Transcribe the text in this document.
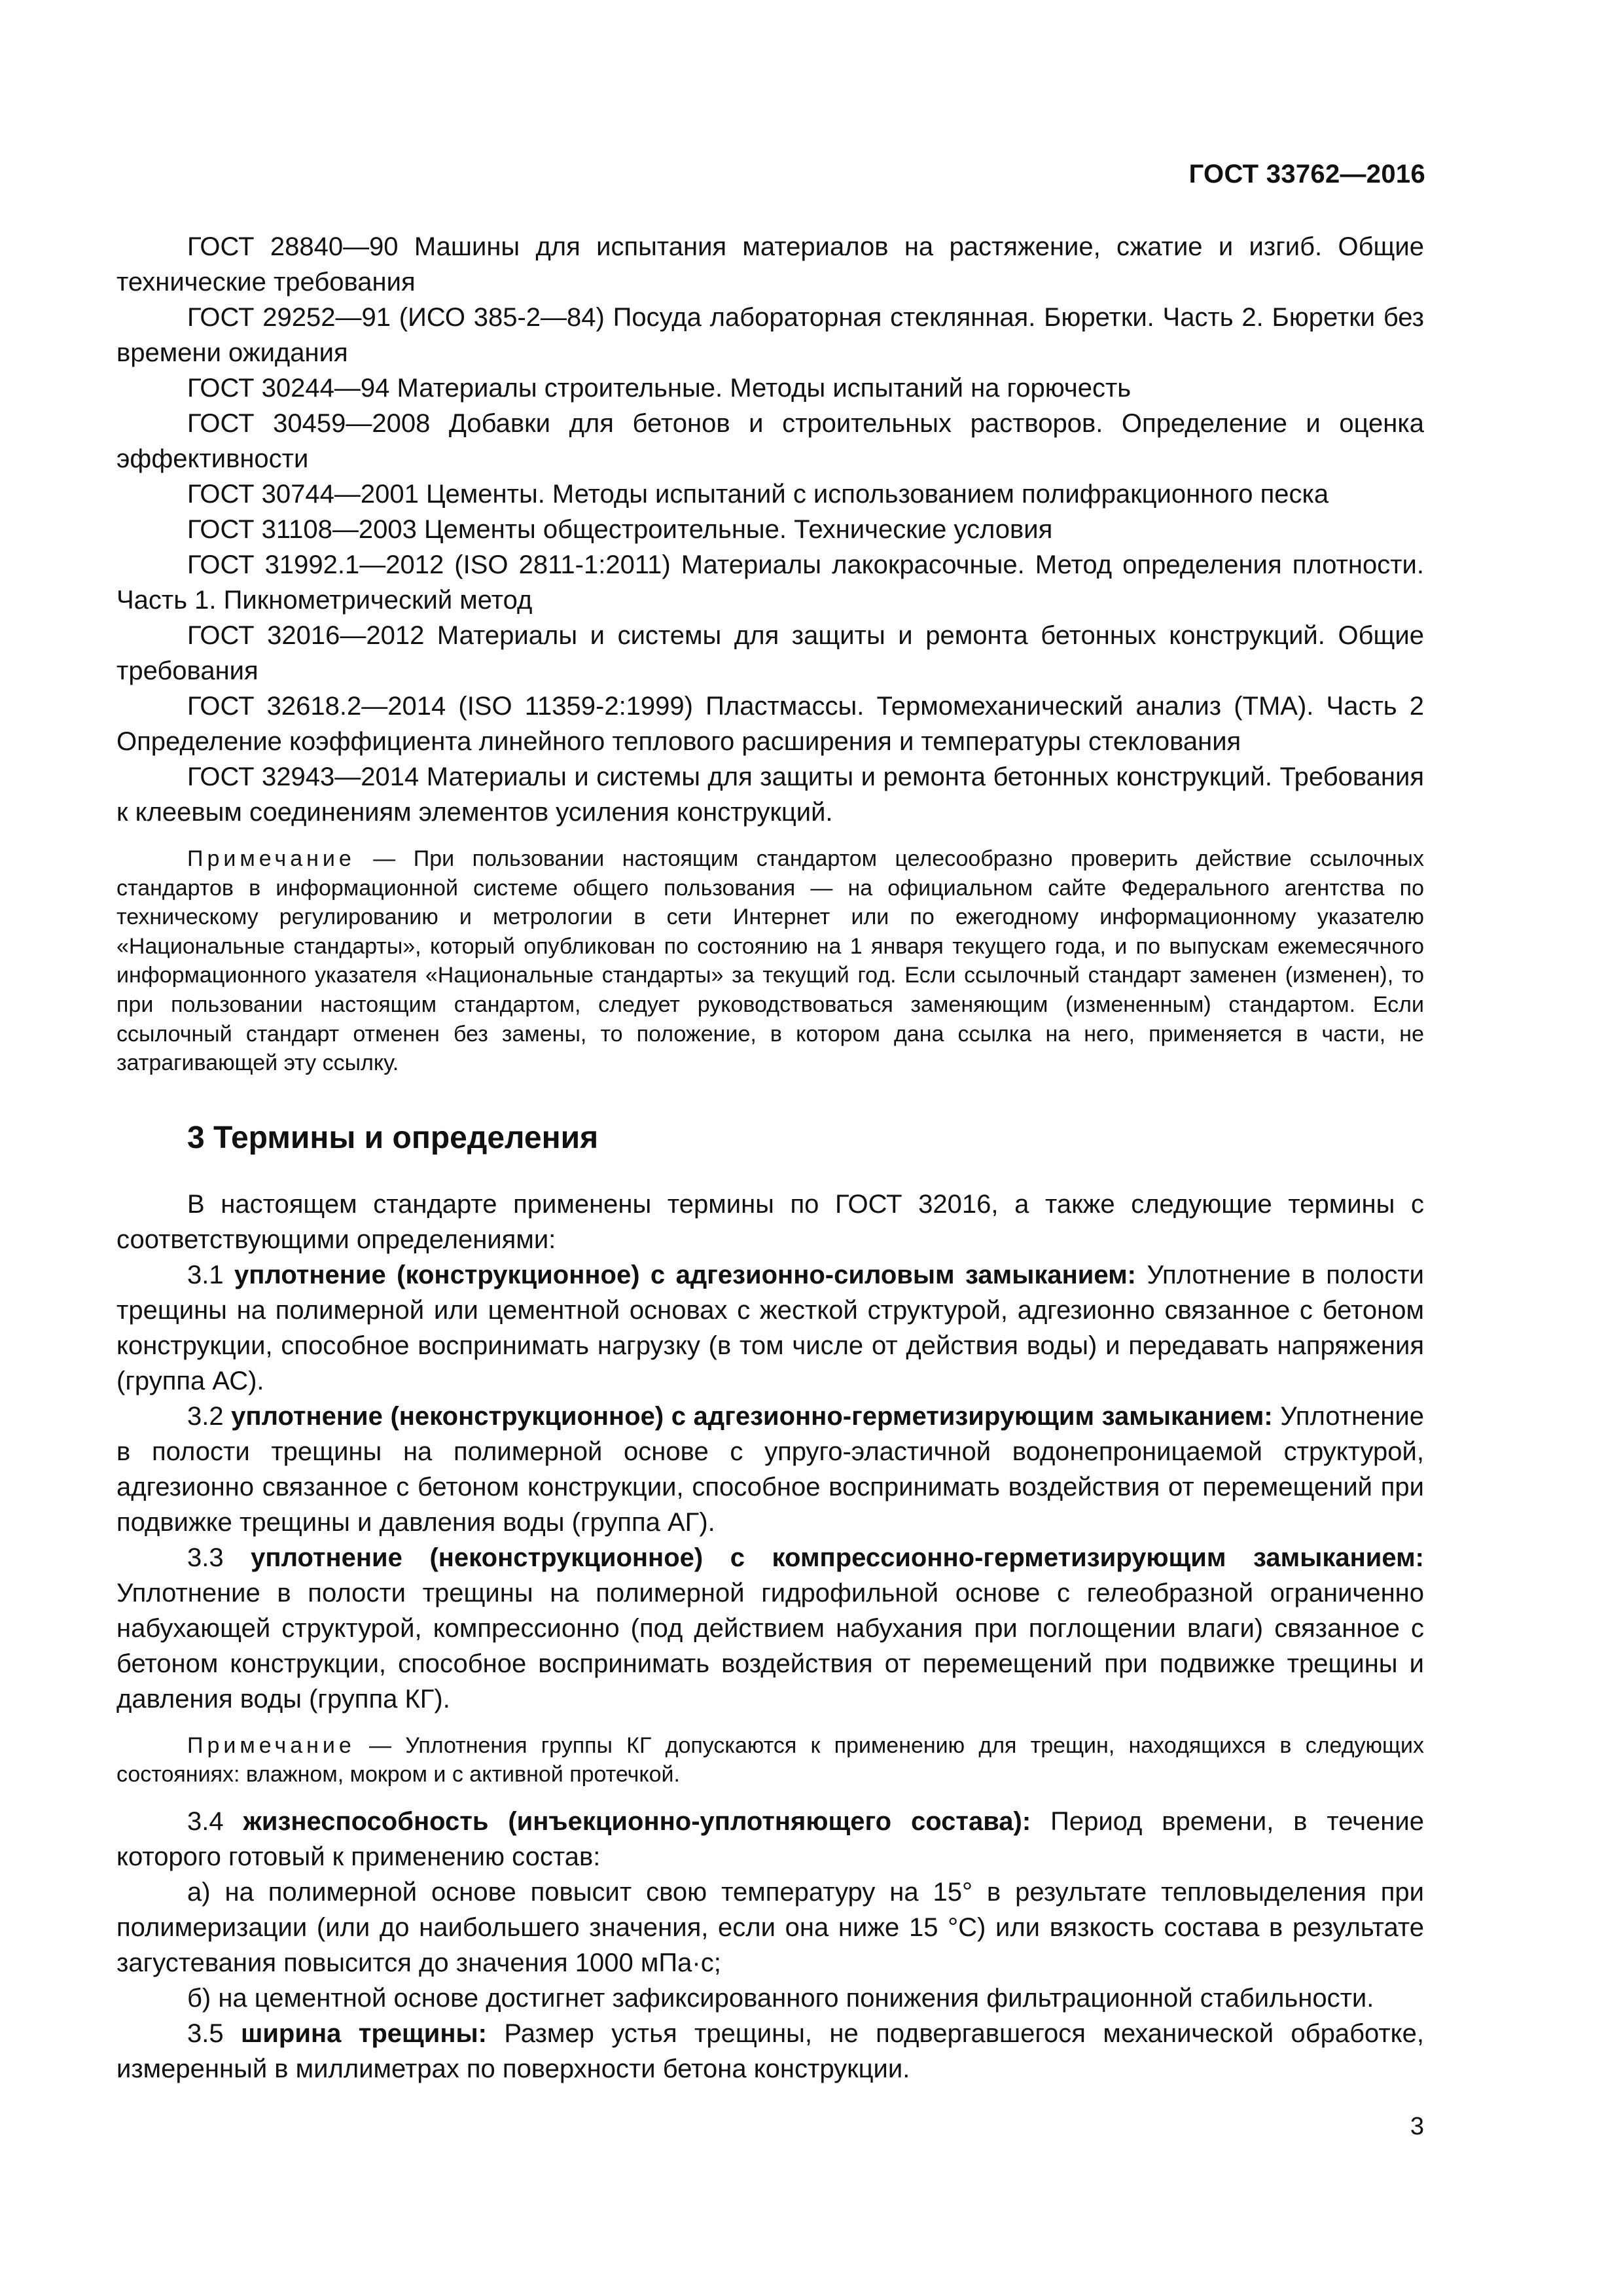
ГОСТ 33762—2016

ГОСТ 28840—90 Машины для испытания материалов на растяжение, сжатие и изгиб. Общие технические требования

ГОСТ 29252—91 (ИСО 385-2—84) Посуда лабораторная стеклянная. Бюретки. Часть 2. Бюретки без времени ожидания

ГОСТ 30244—94 Материалы строительные. Методы испытаний на горючесть

ГОСТ 30459—2008 Добавки для бетонов и строительных растворов. Определение и оценка эффективности

ГОСТ 30744—2001 Цементы. Методы испытаний с использованием полифракционного песка

ГОСТ 31108—2003 Цементы общестроительные. Технические условия

ГОСТ 31992.1—2012 (ISO 2811-1:2011) Материалы лакокрасочные. Метод определения плотности. Часть 1. Пикнометрический метод

ГОСТ 32016—2012 Материалы и системы для защиты и ремонта бетонных конструкций. Общие требования

ГОСТ 32618.2—2014 (ISO 11359-2:1999) Пластмассы. Термомеханический анализ (ТМА). Часть 2 Определение коэффициента линейного теплового расширения и температуры стеклования

ГОСТ 32943—2014 Материалы и системы для защиты и ремонта бетонных конструкций. Требования к клеевым соединениям элементов усиления конструкций.

Примечание — При пользовании настоящим стандартом целесообразно проверить действие ссылочных стандартов в информационной системе общего пользования — на официальном сайте Федерального агентства по техническому регулированию и метрологии в сети Интернет или по ежегодному информационному указателю «Национальные стандарты», который опубликован по состоянию на 1 января текущего года, и по выпускам ежемесячного информационного указателя «Национальные стандарты» за текущий год. Если ссылочный стандарт заменен (изменен), то при пользовании настоящим стандартом, следует руководствоваться заменяющим (измененным) стандартом. Если ссылочный стандарт отменен без замены, то положение, в котором дана ссылка на него, применяется в части, не затрагивающей эту ссылку.

3 Термины и определения

В настоящем стандарте применены термины по ГОСТ 32016, а также следующие термины с соответствующими определениями:

3.1 уплотнение (конструкционное) с адгезионно-силовым замыканием: Уплотнение в полости трещины на полимерной или цементной основах с жесткой структурой, адгезионно связанное с бетоном конструкции, способное воспринимать нагрузку (в том числе от действия воды) и передавать напряжения (группа АС).

3.2 уплотнение (неконструкционное) с адгезионно-герметизирующим замыканием: Уплотнение в полости трещины на полимерной основе с упруго-эластичной водонепроницаемой структурой, адгезионно связанное с бетоном конструкции, способное воспринимать воздействия от перемещений при подвижке трещины и давления воды (группа АГ).

3.3 уплотнение (неконструкционное) с компрессионно-герметизирующим замыканием: Уплотнение в полости трещины на полимерной гидрофильной основе с гелеобразной ограниченно набухающей структурой, компрессионно (под действием набухания при поглощении влаги) связанное с бетоном конструкции, способное воспринимать воздействия от перемещений при подвижке трещины и давления воды (группа КГ).

Примечание — Уплотнения группы КГ допускаются к применению для трещин, находящихся в следующих состояниях: влажном, мокром и с активной протечкой.

3.4 жизнеспособность (инъекционно-уплотняющего состава): Период времени, в течение которого готовый к применению состав:

а) на полимерной основе повысит свою температуру на 15° в результате тепловыделения при полимеризации (или до наибольшего значения, если она ниже 15 °С) или вязкость состава в результате загустевания повысится до значения 1000 мПа·с;

б) на цементной основе достигнет зафиксированного понижения фильтрационной стабильности.

3.5 ширина трещины: Размер устья трещины, не подвергавшегося механической обработке, измеренный в миллиметрах по поверхности бетона конструкции.

3
